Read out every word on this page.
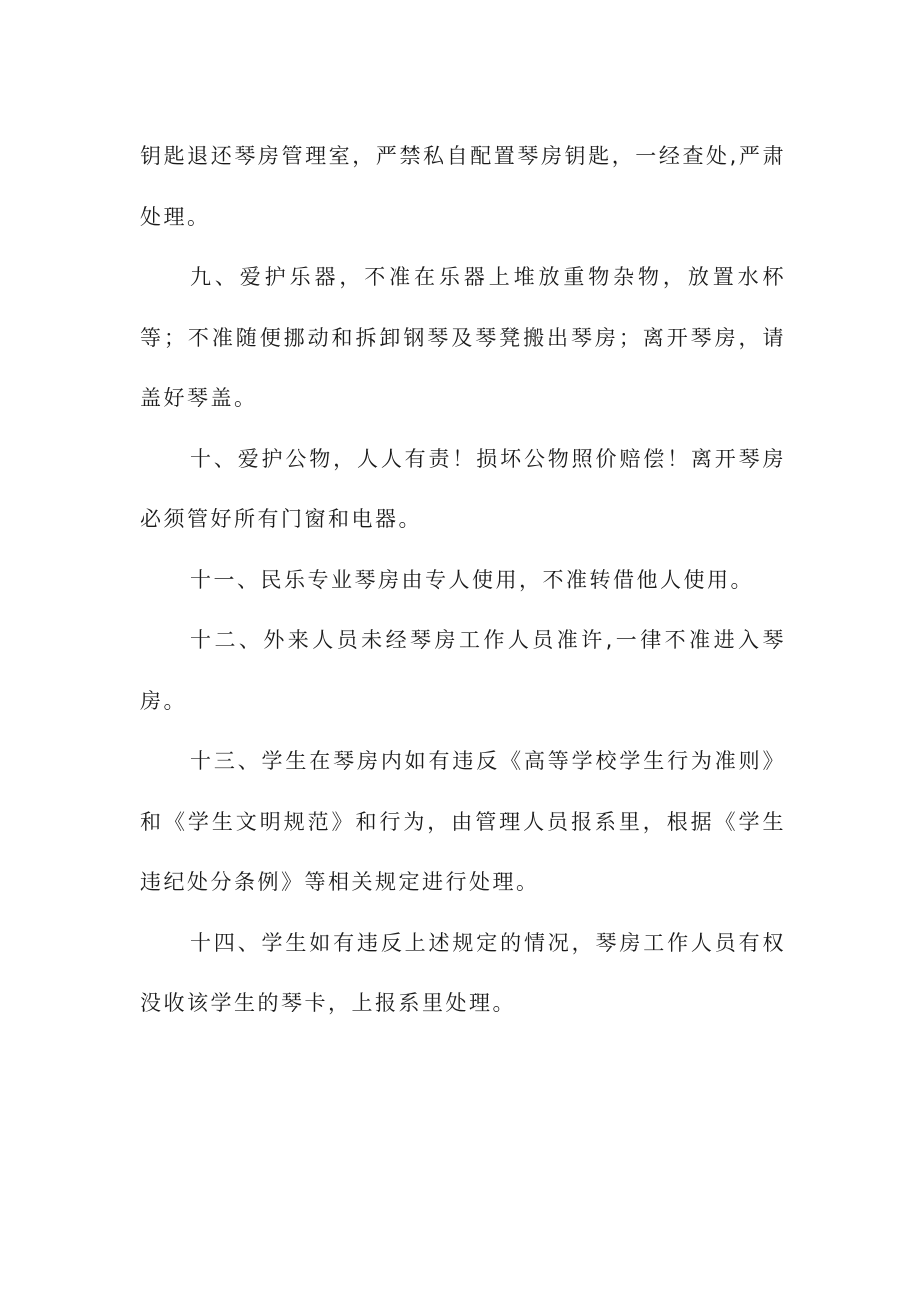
钥匙退还琴房管理室，严禁私自配置琴房钥匙，一经查处,严肃处理。

九、爱护乐器，不准在乐器上堆放重物杂物，放置水杯等；不准随便挪动和拆卸钢琴及琴凳搬出琴房；离开琴房，请盖好琴盖。

十、爱护公物，人人有责！损坏公物照价赔偿！离开琴房必须管好所有门窗和电器。

十一、民乐专业琴房由专人使用，不准转借他人使用。

十二、外来人员未经琴房工作人员准许,一律不准进入琴房。

十三、学生在琴房内如有违反《高等学校学生行为准则》和《学生文明规范》和行为，由管理人员报系里，根据《学生违纪处分条例》等相关规定进行处理。

十四、学生如有违反上述规定的情况，琴房工作人员有权没收该学生的琴卡，上报系里处理。
